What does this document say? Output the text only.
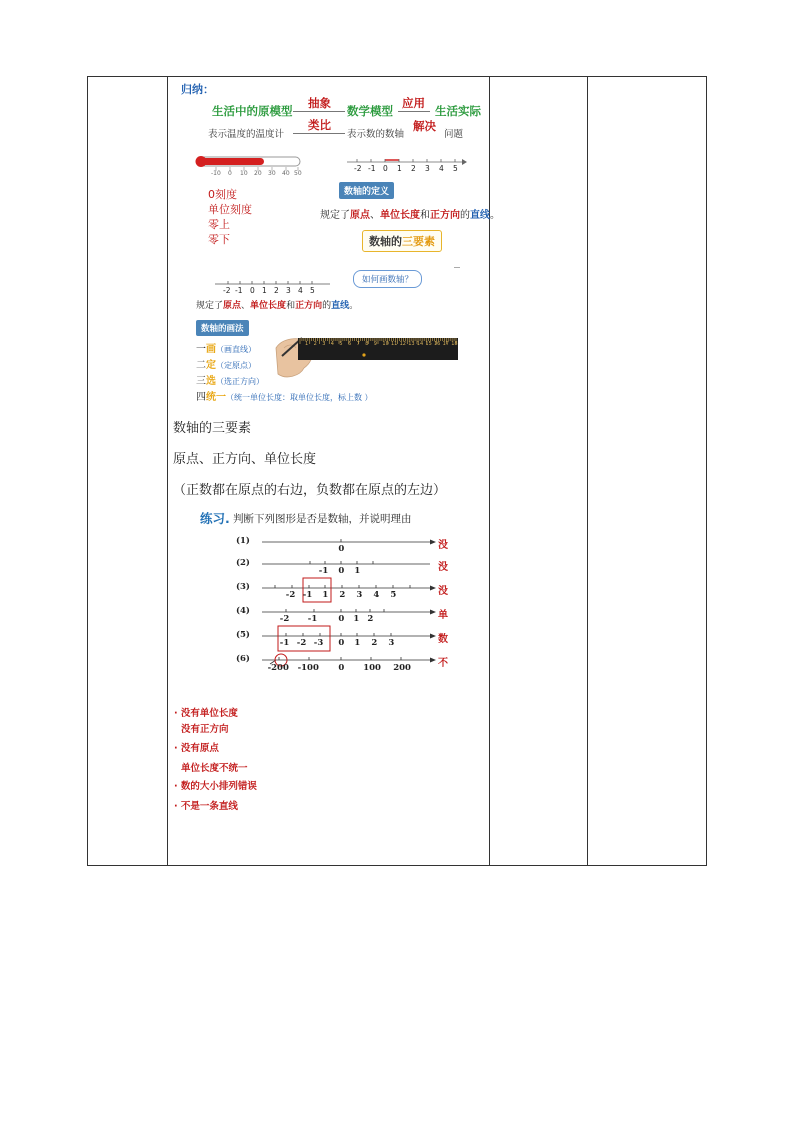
归纳：
生活中的原模型
抽象
数学模型
应用
生活实际
表示温度的温度计
类比
表示数的数轴
解决
问题
-10 0 10 20 30 40 50
0刻度
单位刻度
零上
零下
-2 -1 0 1 2 3 4 5
数轴的定义
规定了原点、单位长度和正方向的直线。
数轴的三要素
-2 -1 0 1 2 3 4 5
如何画数轴？
规定了原点、单位长度和正方向的直线。
数轴的画法
一画（画直线）
二定（定原点）
三选（选正方向）
四统一（统一单位长度：取单位长度，标上数 ）
1 2 3 4 5 6 7 8 9 10 11 12 13 14 15 16 17 18
数轴的三要素
原点、正方向、单位长度
（正数都在原点的右边，负数都在原点的左边）
练习. 判断下列图形是否是数轴，并说明理由
(1)
0	没
(2)
-1 0 1	没
(3)
-2 -1 1 2 3 4 5	没
(4)
-2 -1 0 1 2	单
(5)
-1 -2 -3 0 1 2 3	数
(6)
-200 -100 0 100 200	不
· 没有单位长度
没有正方向
· 没有原点
单位长度不统一
· 数的大小排列错误
· 不是一条直线
